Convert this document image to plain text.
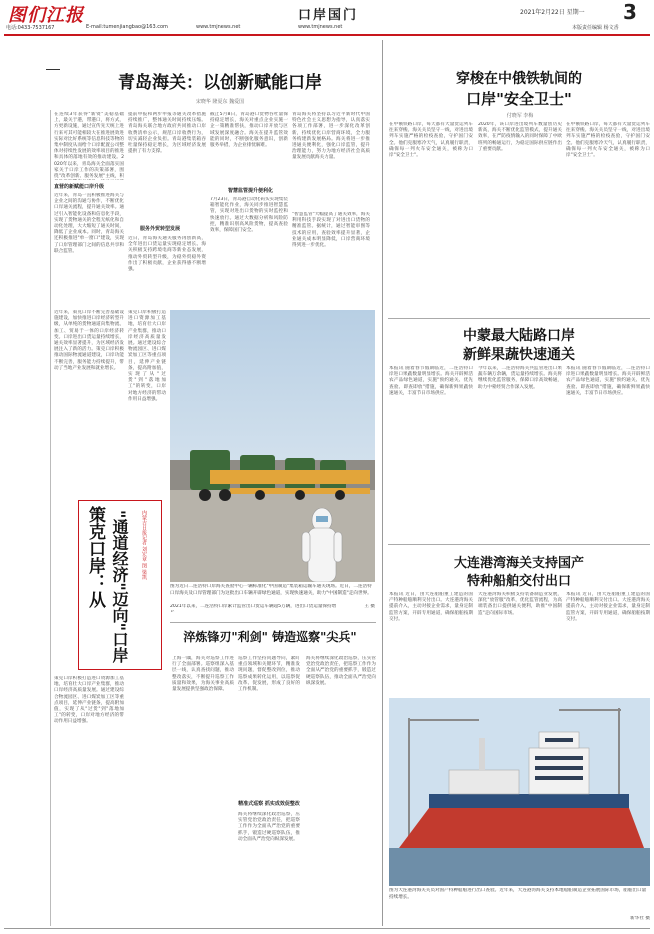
图们江报
电话:0433-7537167	E-mail:tumenjiangbao@163.com	www.tmjnews.net
口岸国门
www.tmjnews.net
2021年2月22日 星期一 3
本版责任编辑 杨文香
青岛海关：以创新赋能口岸
宋晓华 隆夏东 魏爱国
在连续3年获得"新资"美稳基础上，最关于港，带港口，将方式，方更新设施，通过宣传先天统上进行来可其可能相较大在推进展效进实际对比好系统等信息科技等物的集中制度从而给个口岸配置公司整体对持续性发展的效率项目的推进和具体的落地有效的推动建设。2020年以来，青岛海关全面落实国家关于口岸工作的决策部署，围绕"改革创新、服务发展"主线，积
直营的新赋能口岸升级
近年来，青岛一直积极推进海关与企业之间的沟通与协作，不断优化口岸通关流程，提升通关效率。通过引入智能化设备和信息化手段，实现了货物通关的全程无纸化和自动化处理，大大缩短了通关时间，降低了企业成本。同时，青岛海关还积极推进"单一窗口"建设，实现了口岸管理部门之间的信息共享和联合监管。
提前申报和两步申报等通关改革措施持续推广，整体通关时间持续压缩。青岛海关联合地方政府共同推动口岸收费清单公示，规范口岸收费行为，切实减轻企业负担。青岛港集装箱吞吐量保持稳定增长，为区域经济发展提供了有力支撑。
服务外贸转型发展
近日，青岛海关通关服务再创新高，全年进出口货运量实现稳定增长。海关积极支持跨境电商等新业态发展，推动外贸转型升级，为稳外贸稳外资作出了积极贡献，企业获得感不断增强。
截止5月8日，青岛港口货物吞吐量保持稳定增长，海关对重点企业实施一企一策精准帮扶，推动口岸开放与区域发展深度融合。海关在提升监管效能的同时，不断强化服务意识，创新服务举措，为企业排忧解难。
智慧监管提升便利化
7月23日，青岛港自动化码头实现集装箱智能化作业，海关同步推进智慧监管，实现对进出口货物的实时监控和快速放行。通过大数据分析和风险防控，精准识别高风险货物，提高查验效率，保障国门安全。
青岛海关将坚持以习近平新时代中国特色社会主义思想为指导，认真落实各项工作部署，进一步深化改革创新，持续优化口岸营商环境，全力服务构建新发展格局。海关将进一步推进通关便利化，强化口岸监管，提升治理能力，努力为地方经济社会高质量发展贡献海关力量。
"智慧监管"大幅提高了通关效率，海关利用科技手段实现了对进出口货物的精准监管。据统计，通过智能审图等技术的应用，查验效率提升显著，企业通关成本明显降低，口岸营商环境得到进一步优化。
策克口岸：从 "通道经济"迈向"口岸
内蒙古日报记者 刘宏章 图 梁凯
近年来，策克口岸不断完善基础设施建设，加快推进口岸经济转型升级，从单纯的货物通道向集物流、加工、贸易于一体的口岸经济转变。口岸进出口货运量持续增长，通关效率显著提升，为区域经济发展注入了新的活力。策克口岸积极推动国际物流通道建设，口岸功能不断完善，服务能力持续提升，带动了当地产业发展和就业增长。
策克口岸积极打造进口资源加工基地，培育壮大口岸产业集群，推动口岸经济高质量发展。通过建设综合物流园区、进口煤炭加工区等重点项目，延伸产业链条，提高附加值，实现了从"过货"到"落地加工"的转变，口岸对地方经济的带动作用日益增强。
策克口岸积极打造进口资源加工基地，培育壮大口岸产业集群，推动口岸经济高质量发展。通过建设综合物流园区、进口煤炭加工区等重点项目，延伸产业链条，提高附加值，实现了从"过货"到"落地加工"的转变，口岸对地方经济的带动作用日益增强。
图为近日二连浩特口岸海关查验中心一辆标准化"中国制造"集装箱运输车通关现场。近日，二连浩特口岸海关及口岸管理部门为这批出口车辆开辟绿色通道，实现快速通关，助力"中国制造"走向世界。
2021年以来，二连浩特口岸累计监管出口货运车辆超5万辆，进出口货运量保持增	王 摄
淬炼锋刃"利剑" 铸造巡察"尖兵"
上海一隅，海关对巡察工作进行了全面部署。巡察组深入基层一线，认真查找问题，推动整改落实，不断提升巡察工作质量和效果，为海关事业高质量发展提供坚强政治保障。
精准式巡察 抓实成效促整改
巡察工作坚持问题导向，紧盯重点领域和关键环节，精准发现问题，督促整改到位，推动巡察成果转化运用，以巡察促改革、促发展，形成了良好的工作机制。
海关将继续深化政治巡察，压实管党治党政治责任，把巡察工作作为全面从严治党的重要抓手，锻造过硬巡察队伍，推动全面从严治党向纵深发展。
海关将继续深化政治巡察，压实管党治党政治责任，把巡察工作作为全面从严治党的重要抓手，锻造过硬巡察队伍，推动全面从严治党向纵深发展。
穿梭在中俄铁轨间的
口岸"安全卫士"
付晓军 李梅
在中俄铁路口岸，每天都有大量货运列车往来穿梭。海关关员坚守一线，对进出境列车实施严格的检疫查验，守护国门安全。他们克服寒冷天气，认真履行职责，确保每一列火车安全通关，被称为口岸"安全卫士"。
2020年，该口岸进出境列车数量创历史新高，海关不断优化监管模式，提升通关效率，在严防疫情输入的同时保障了中欧班列的畅通运行，为稳定国际供应链作出了重要贡献。
在中俄铁路口岸，每天都有大量货运列车往来穿梭。海关关员坚守一线，对进出境列车实施严格的检疫查验，守护国门安全。他们克服寒冷天气，认真履行职责，确保每一列火车安全通关，被称为口岸"安全卫士"。
中蒙最大陆路口岸
新鲜果蔬快速通关
本报讯 随着春节假期临近，二连浩特口岸进口果蔬数量明显增长。海关开辟鲜活农产品绿色通道，实施"预约通关、优先查验、即查即放"措施，确保新鲜果蔬快速通关，丰富节日市场供应。
今年以来，二连浩特海关共监管进出口果蔬车辆万余辆，货运量持续增长。海关将继续优化监管服务，保障口岸高效畅通，助力中蒙经贸合作深入发展。
本报讯 随着春节假期临近，二连浩特口岸进口果蔬数量明显增长。海关开辟鲜活农产品绿色通道，实施"预约通关、优先查验、即查即放"措施，确保新鲜果蔬快速通关，丰富节日市场供应。
大连港湾海关支持国产
特种船舶交付出口
本报讯 近日，由大连船舶重工建造的国产特种船舶顺利交付出口。大连港湾海关提前介入，主动对接企业需求，量身定制监管方案，开辟专用通道，确保船舶按期交付。
大连港湾海关积极支持装备制造业发展，深化"放管服"改革，优化监管流程，为高端装备出口提供通关便利，助推"中国制造"走向国际市场。
本报讯 近日，由大连船舶重工建造的国产特种船舶顺利交付出口。大连港湾海关提前介入，主动对接企业需求，量身定制监管方案，开辟专用通道，确保船舶按期交付。
图为大连港湾海关关员对国产特种船舶进行出口查验。近年来，大连港湾海关支持本地船舶制造企业拓展国际市场，船舶出口量持续增长。
新华社 摄
